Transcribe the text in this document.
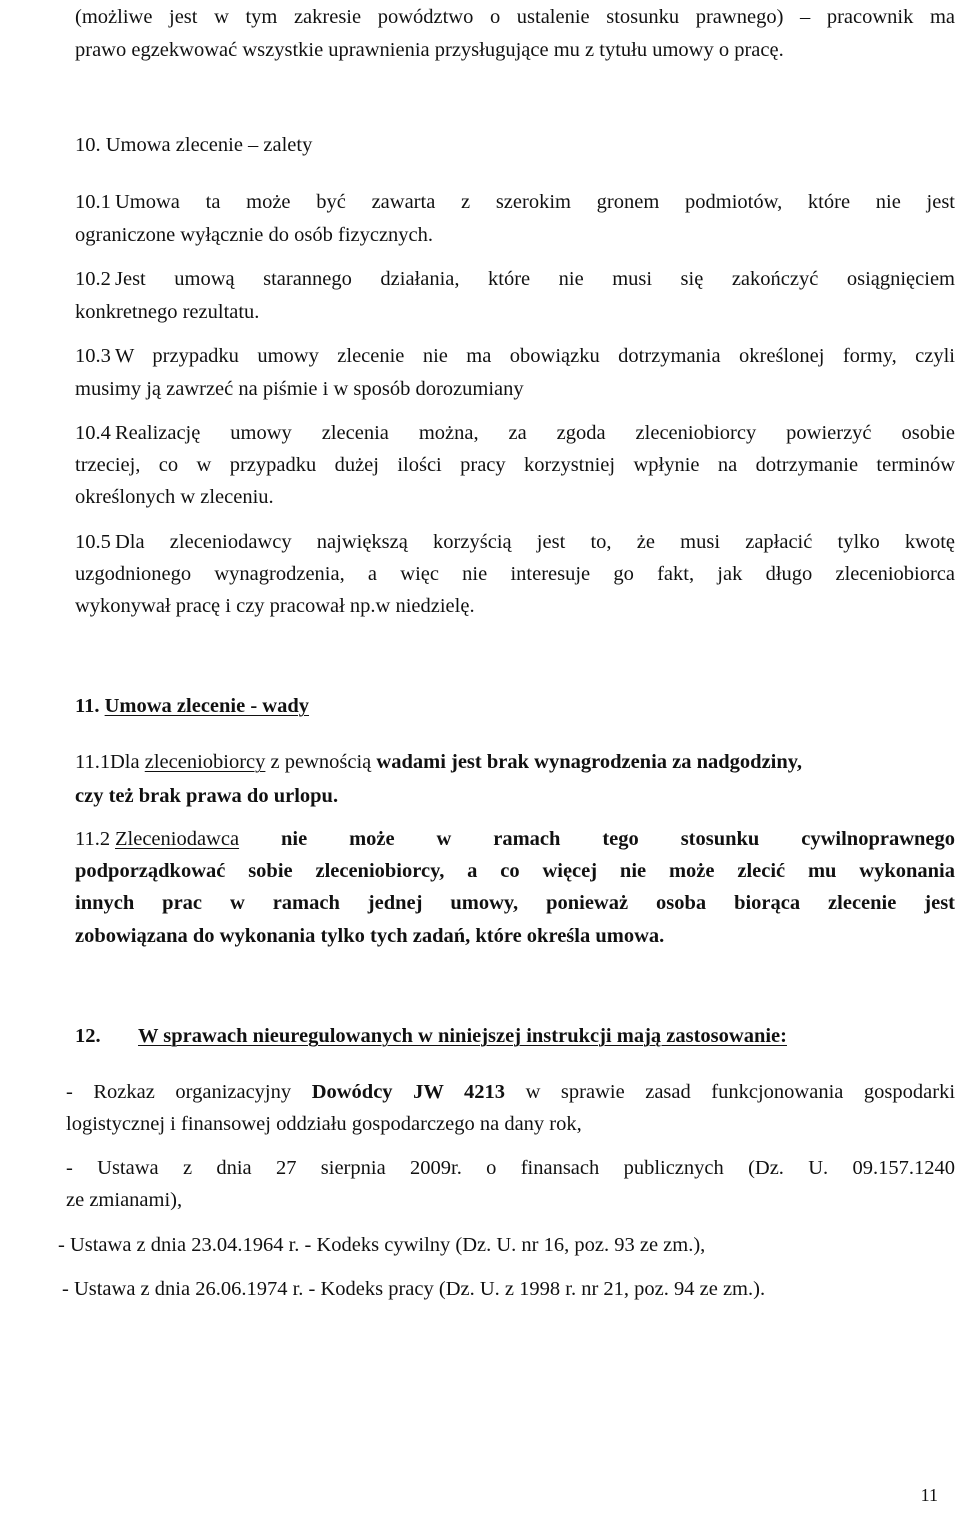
(możliwe jest w tym zakresie powództwo o ustalenie stosunku prawnego) – pracownik ma
prawo egzekwować wszystkie uprawnienia przysługujące mu z tytułu umowy o pracę.
10. Umowa zlecenie – zalety
10.1 Umowa ta może być zawarta z szerokim gronem podmiotów, które nie jest
ograniczone wyłącznie do osób fizycznych.
10.2 Jest umową starannego działania, które nie musi się zakończyć osiągnięciem
konkretnego rezultatu.
10.3 W przypadku umowy zlecenie nie ma obowiązku dotrzymania określonej formy, czyli
musimy ją zawrzeć na piśmie i w sposób dorozumiany
10.4 Realizację umowy zlecenia można, za zgoda zleceniobiorcy powierzyć osobie
trzeciej, co w przypadku dużej ilości pracy korzystniej wpłynie na dotrzymanie terminów
określonych w zleceniu.
10.5 Dla zleceniodawcy największą korzyścią jest to, że musi zapłacić tylko kwotę
uzgodnionego wynagrodzenia, a więc nie interesuje go fakt, jak długo zleceniobiorca
wykonywał pracę i czy pracował np.w niedzielę.
11. Umowa zlecenie - wady
11.1 Dla zleceniobiorcy z pewnością wadami jest brak wynagrodzenia za nadgodziny,
czy też brak prawa do urlopu.
11.2 Zleceniodawca nie może w ramach tego stosunku cywilnoprawnego
podporządkować sobie zleceniobiorcy, a co więcej nie może zlecić mu wykonania
innych prac w ramach jednej umowy, ponieważ osoba biorąca zlecenie jest
zobowiązana do wykonania tylko tych zadań, które określa umowa.
12. W sprawach nieuregulowanych w niniejszej instrukcji mają zastosowanie:
- Rozkaz organizacyjny Dowódcy JW 4213 w sprawie zasad funkcjonowania gospodarki
logistycznej i finansowej oddziału gospodarczego na dany rok,
- Ustawa z dnia 27 sierpnia 2009r. o finansach publicznych (Dz. U. 09.157.1240
ze zmianami),
- Ustawa z dnia 23.04.1964 r. - Kodeks cywilny (Dz. U. nr 16, poz. 93 ze zm.),
- Ustawa z dnia 26.06.1974 r. - Kodeks pracy (Dz. U. z 1998 r. nr 21, poz. 94 ze zm.).
11
